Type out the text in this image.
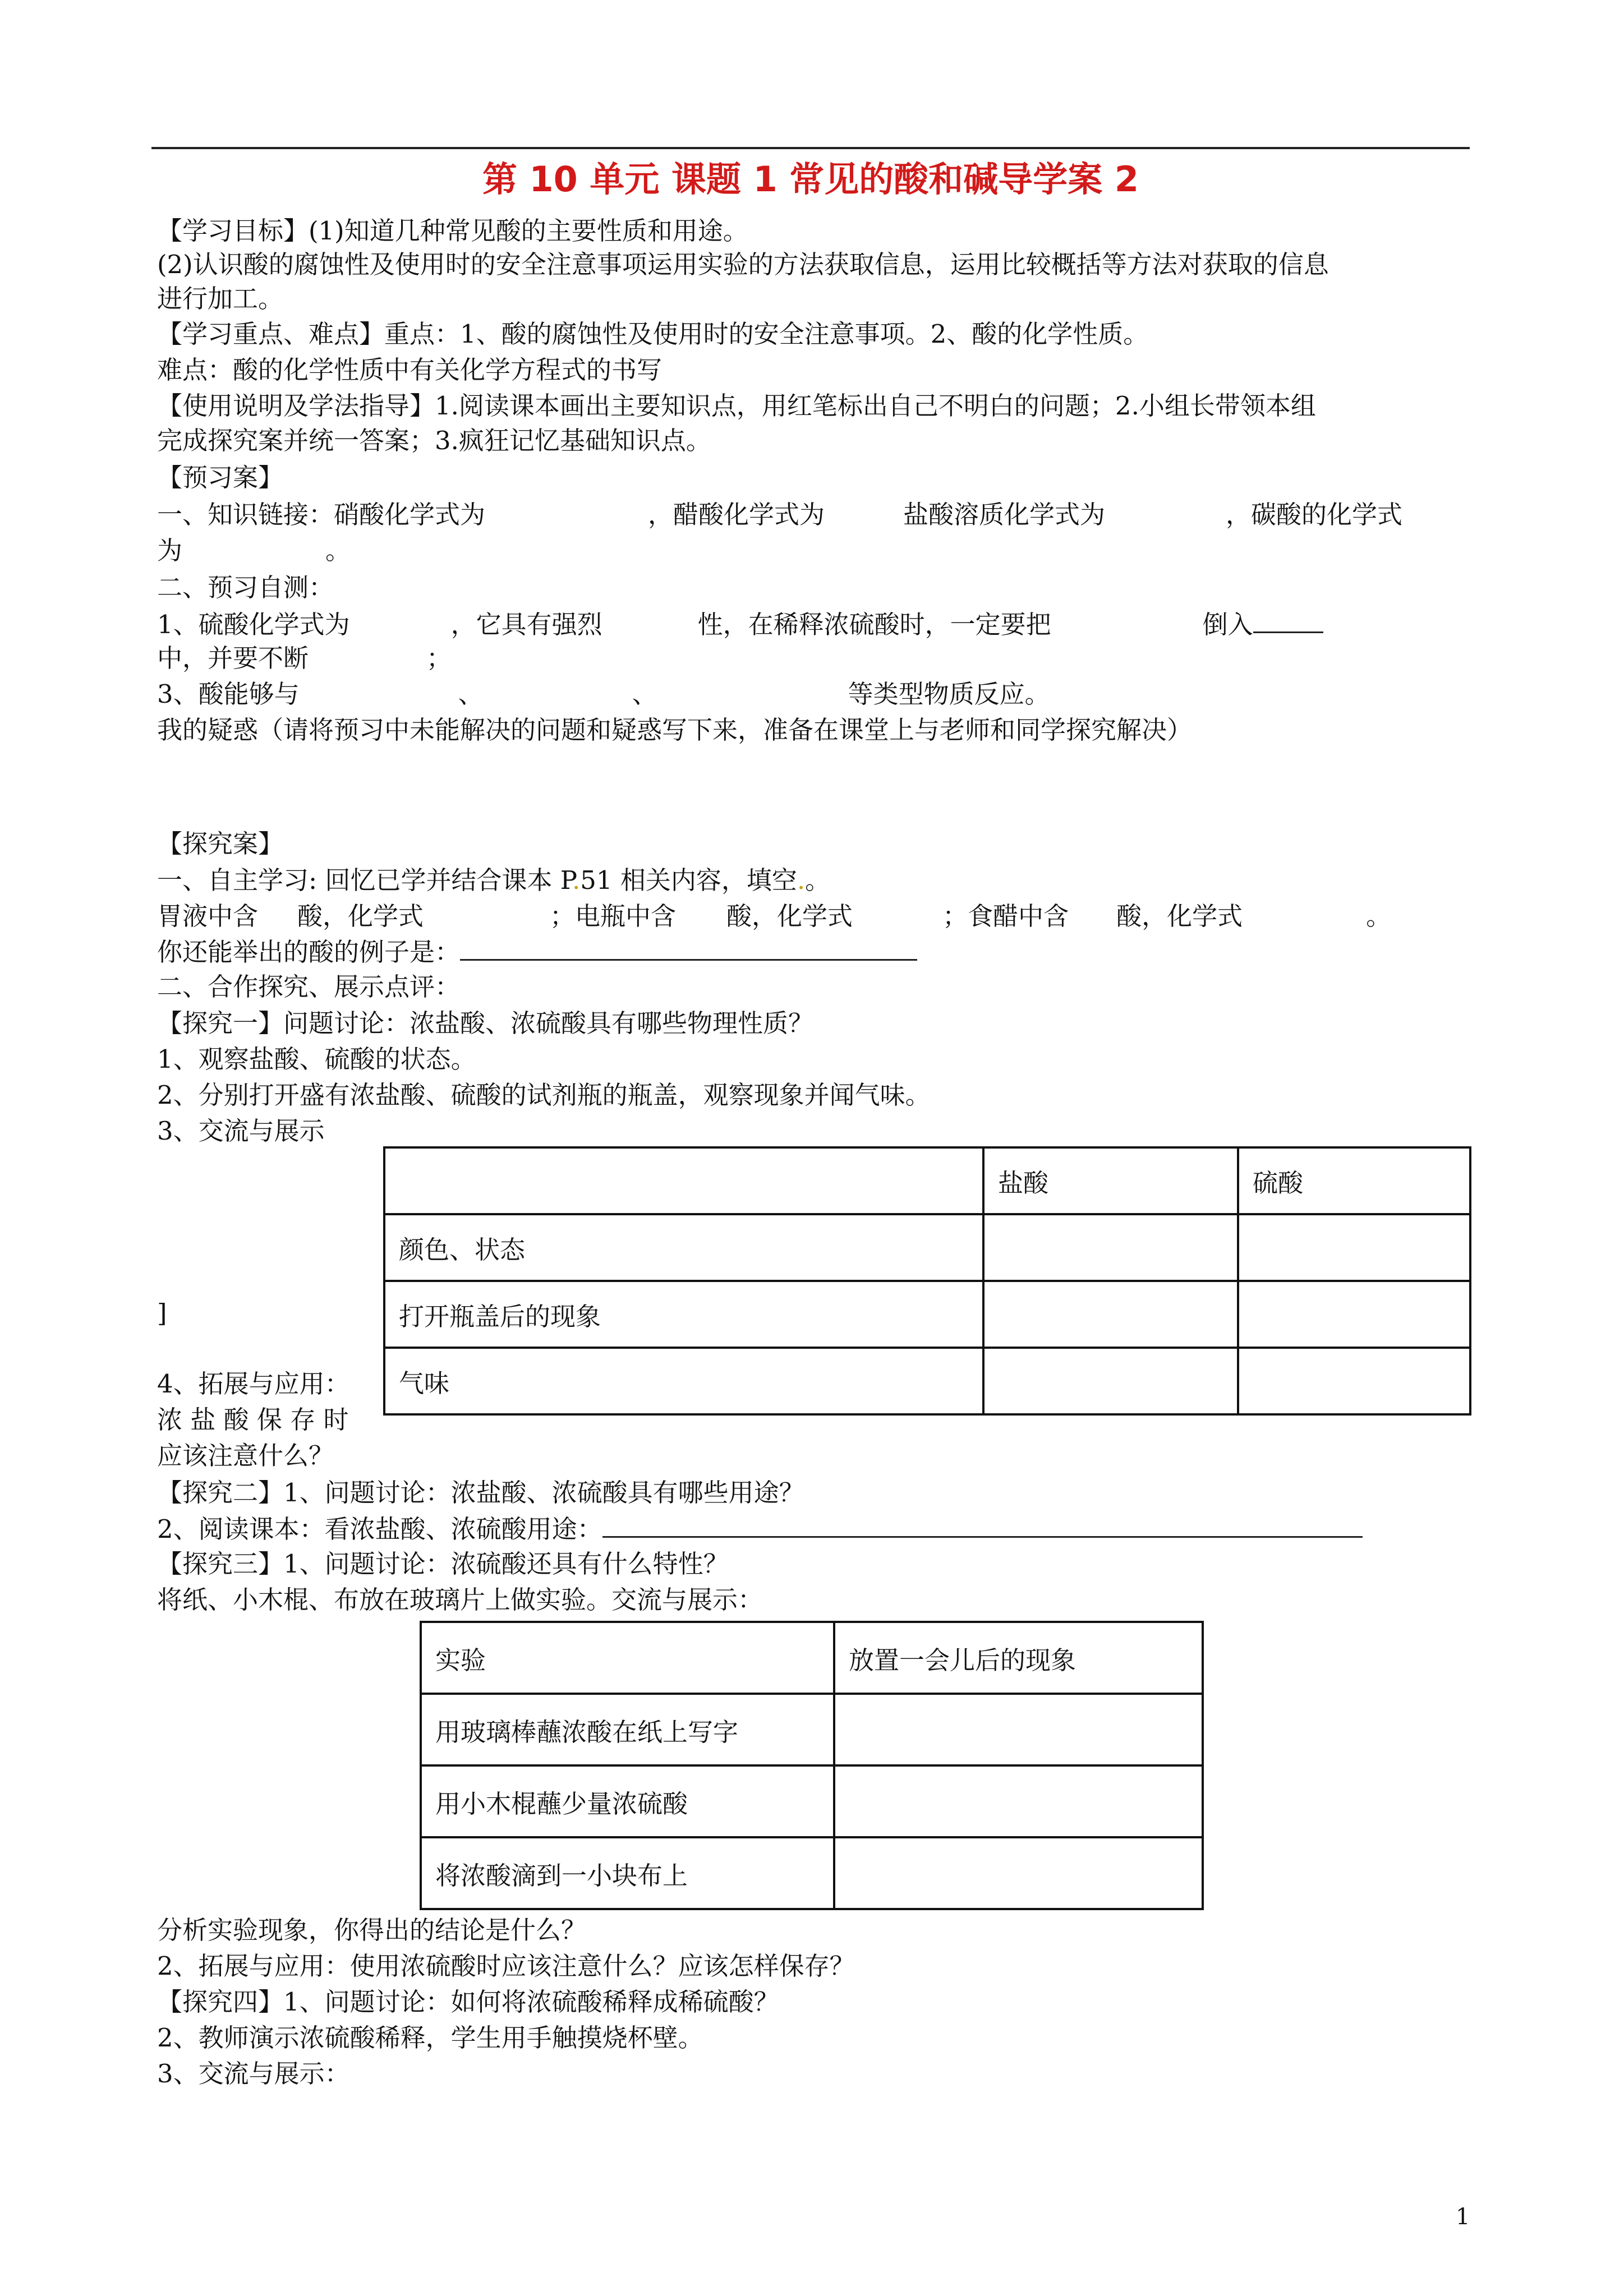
第 10 单元 课题 1 常见的酸和碱导学案 2
【学习目标】(1)知道几种常见酸的主要性质和用途。
(2)认识酸的腐蚀性及使用时的安全注意事项运用实验的方法获取信息，运用比较概括等方法对获取的信息
进行加工。
【学习重点、难点】重点：1、酸的腐蚀性及使用时的安全注意事项。2、酸的化学性质。
难点：酸的化学性质中有关化学方程式的书写
【使用说明及学法指导】1.阅读课本画出主要知识点，用红笔标出自己不明白的问题；2.小组长带领本组
完成探究案并统一答案；3.疯狂记忆基础知识点。
【预习案】
一、知识链接：硝酸化学式为	，醋酸化学式为	盐酸溶质化学式为	，碳酸的化学式
为	。
二、预习自测：
1、硫酸化学式为	，它具有强烈	性，在稀释浓硫酸时，一定要把	倒入
中，并要不断	；
3、酸能够与	、	、	等类型物质反应。
我的疑惑（请将预习中未能解决的问题和疑惑写下来，准备在课堂上与老师和同学探究解决）
【探究案】
一、自主学习: 回忆已学并结合课本 P.51 相关内容，填空.。
胃液中含 酸，化学式	；电瓶中含 酸，化学式	；食醋中含 酸，化学式	。
你还能举出的酸的例子是：
二、合作探究、展示点评：
【探究一】问题讨论：浓盐酸、浓硫酸具有哪些物理性质？
1、观察盐酸、硫酸的状态。
2、分别打开盛有浓盐酸、硫酸的试剂瓶的瓶盖，观察现象并闻气味。
3、交流与展示
]
4、拓展与应用：
浓 盐 酸 保 存 时
应该注意什么？
	盐酸	硫酸
颜色、状态		
打开瓶盖后的现象		
气味		
【探究二】1、问题讨论：浓盐酸、浓硫酸具有哪些用途？
2、阅读课本：看浓盐酸、浓硫酸用途：
【探究三】1、问题讨论：浓硫酸还具有什么特性？
将纸、小木棍、布放在玻璃片上做实验。交流与展示：
实验	放置一会儿后的现象
用玻璃棒蘸浓酸在纸上写字	
用小木棍蘸少量浓硫酸	
将浓酸滴到一小块布上	
分析实验现象，你得出的结论是什么？
2、拓展与应用：使用浓硫酸时应该注意什么？应该怎样保存？
【探究四】1、问题讨论：如何将浓硫酸稀释成稀硫酸？
2、教师演示浓硫酸稀释，学生用手触摸烧杯壁。
3、交流与展示：
1
